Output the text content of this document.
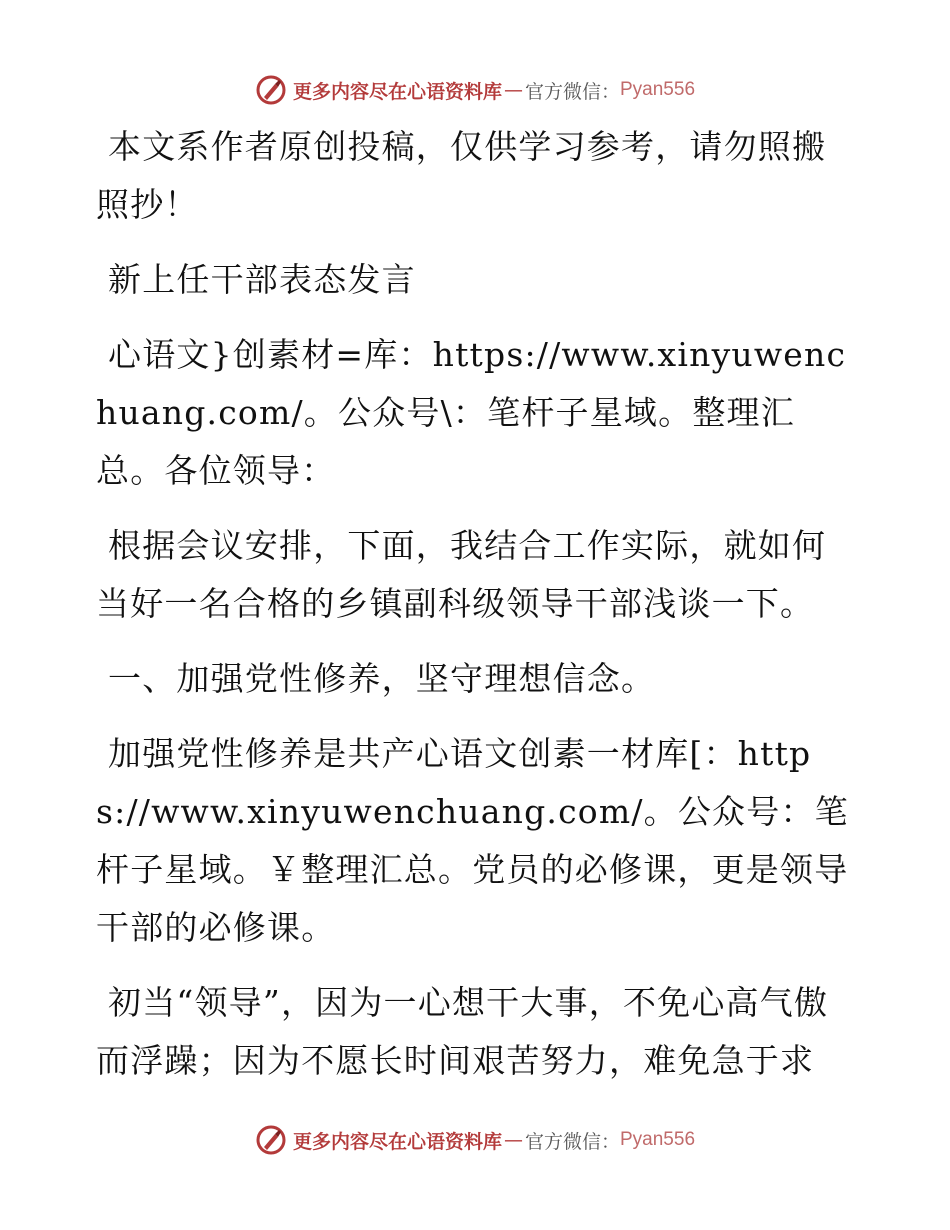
更多内容尽在心语资料库 — 官方微信： Pyan556

本文系作者原创投稿，仅供学习参考，请勿照搬照抄！

新上任干部表态发言

心语文}创素材=库：https://www.xinyuwenchuang.com/。公众号\：笔杆子星域。整理汇总。各位领导：

根据会议安排，下面，我结合工作实际，就如何当好一名合格的乡镇副科级领导干部浅谈一下。

一、加强党性修养，坚守理想信念。

加强党性修养是共产心语文创素一材库[：https://www.xinyuwenchuang.com/。公众号：笔杆子星域。￥整理汇总。党员的必修课，更是领导干部的必修课。

初当“领导”，因为一心想干大事，不免心高气傲而浮躁；因为不愿长时间艰苦努力，难免急于求

更多内容尽在心语资料库 — 官方微信： Pyan556
